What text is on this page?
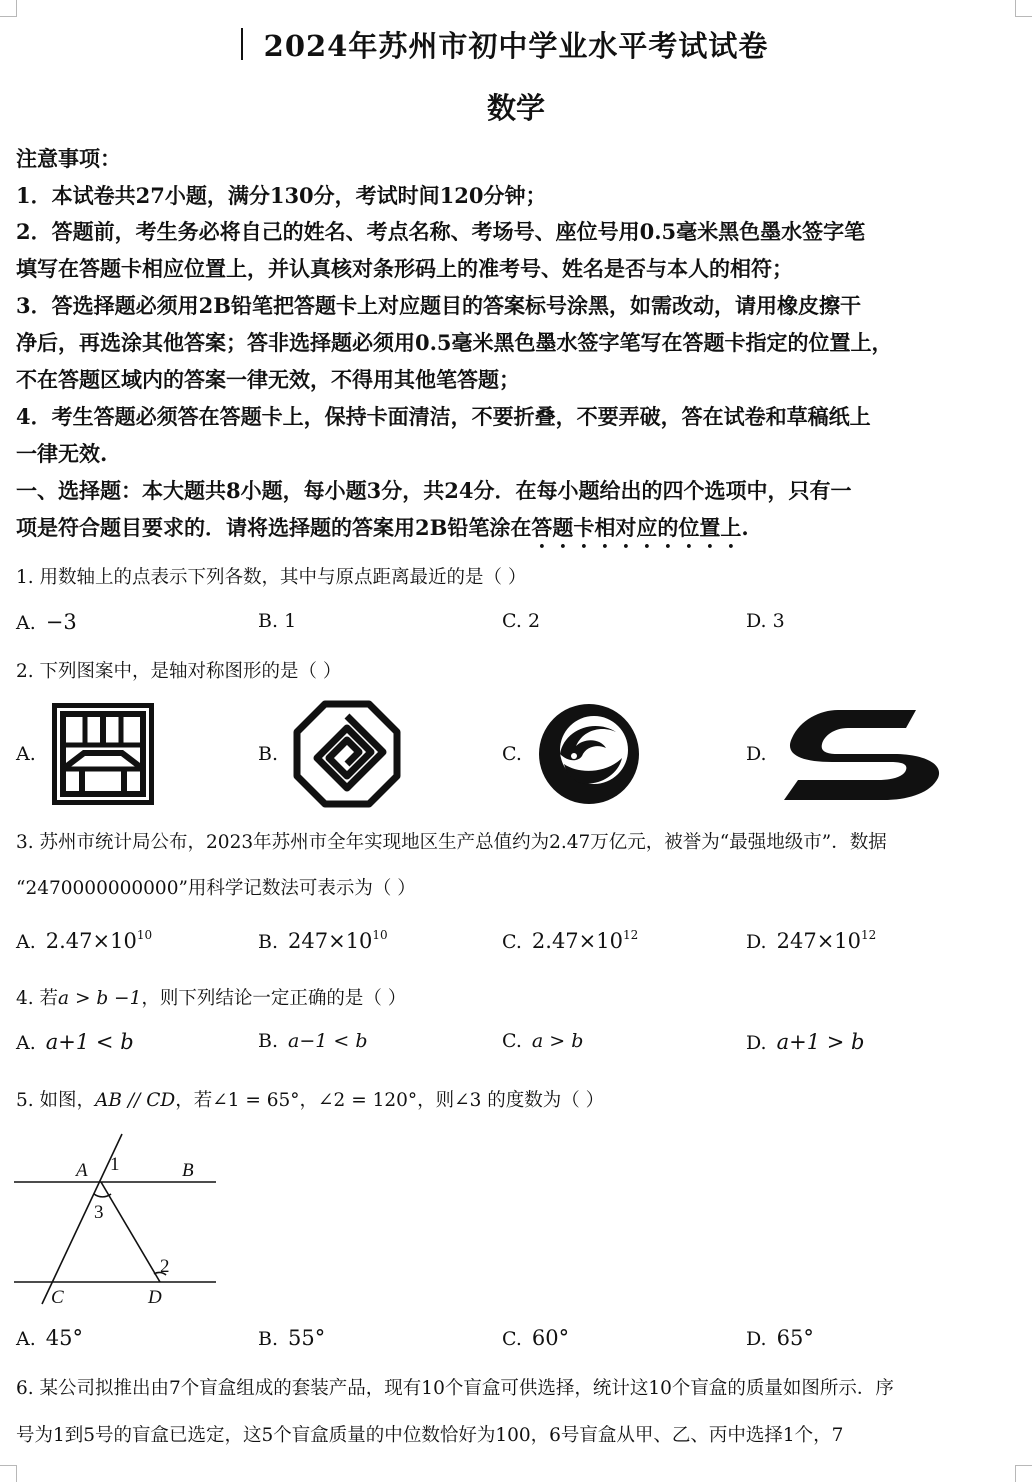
2024年苏州市初中学业水平考试试卷
数学
注意事项：
1．本试卷共27小题，满分130分，考试时间120分钟；
2．答题前，考生务必将自己的姓名、考点名称、考场号、座位号用0.5毫米黑色墨水签字笔
填写在答题卡相应位置上，并认真核对条形码上的准考号、姓名是否与本人的相符；
3．答选择题必须用2B铅笔把答题卡上对应题目的答案标号涂黑，如需改动，请用橡皮擦干
净后，再选涂其他答案；答非选择题必须用0.5毫米黑色墨水签字笔写在答题卡指定的位置上，
不在答题区域内的答案一律无效，不得用其他笔答题；
4．考生答题必须答在答题卡上，保持卡面清洁，不要折叠，不要弄破，答在试卷和草稿纸上
一律无效.
一、选择题：本大题共8小题，每小题3分，共24分．在每小题给出的四个选项中，只有一
项是符合题目要求的．请将选择题的答案用2B铅笔涂在答题卡相对应的位置上.
1. 用数轴上的点表示下列各数，其中与原点距离最近的是（ ）
A. −3	B. 1	C. 2	D. 3
2. 下列图案中，是轴对称图形的是（ ）
A.	B.	C.	D.
3. 苏州市统计局公布，2023年苏州市全年实现地区生产总值约为2.47万亿元，被誉为“最强地级市”．数据
“2470000000000”用科学记数法可表示为（ ）
A. $2.47\times 10^{10}$	B. $247\times 10^{10}$	C. $2.47\times 10^{12}$	D. $247\times 10^{12}$
4. 若a > b −1，则下列结论一定正确的是（ ）
A. a+1 < b	B. a−1 < b	C. a > b	D. a+1 > b
5. 如图，AB // CD，若∠1 = 65°，∠2 = 120°，则∠3 的度数为（ ）
A 1	B
3
2
C	D
A. 45°	B. 55°	C. 60°	D. 65°
6. 某公司拟推出由7个盲盒组成的套装产品，现有10个盲盒可供选择，统计这10个盲盒的质量如图所示．序
号为1到5号的盲盒已选定，这5个盲盒质量的中位数恰好为100，6号盲盒从甲、乙、丙中选择1个，7
